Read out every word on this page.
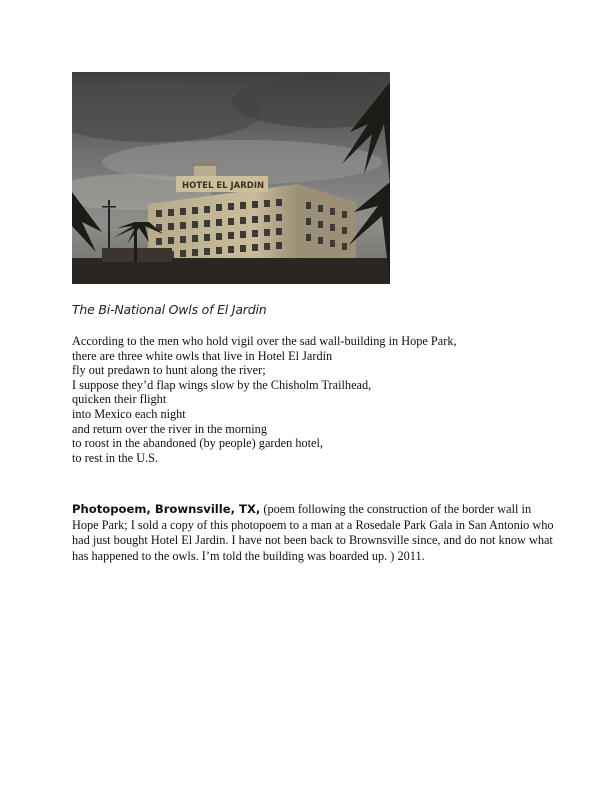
HOTEL EL JARDIN
The Bi-National Owls of El Jardin
According to the men who hold vigil over the sad wall-building in Hope Park,
there are three white owls that live in Hotel El Jardín
fly out predawn to hunt along the river;
I suppose they’d flap wings slow by the Chisholm Trailhead,
quicken their flight
into Mexico each night
and return over the river in the morning
to roost in the abandoned (by people) garden hotel,
to rest in the U.S.

Photopoem, Brownsville, TX, (poem following the construction of the border wall in Hope Park; I sold a copy of this photopoem to a man at a Rosedale Park Gala in San Antonio who had just bought Hotel El Jardin. I have not been back to Brownsville since, and do not know what has happened to the owls. I’m told the building was boarded up. ) 2011.
